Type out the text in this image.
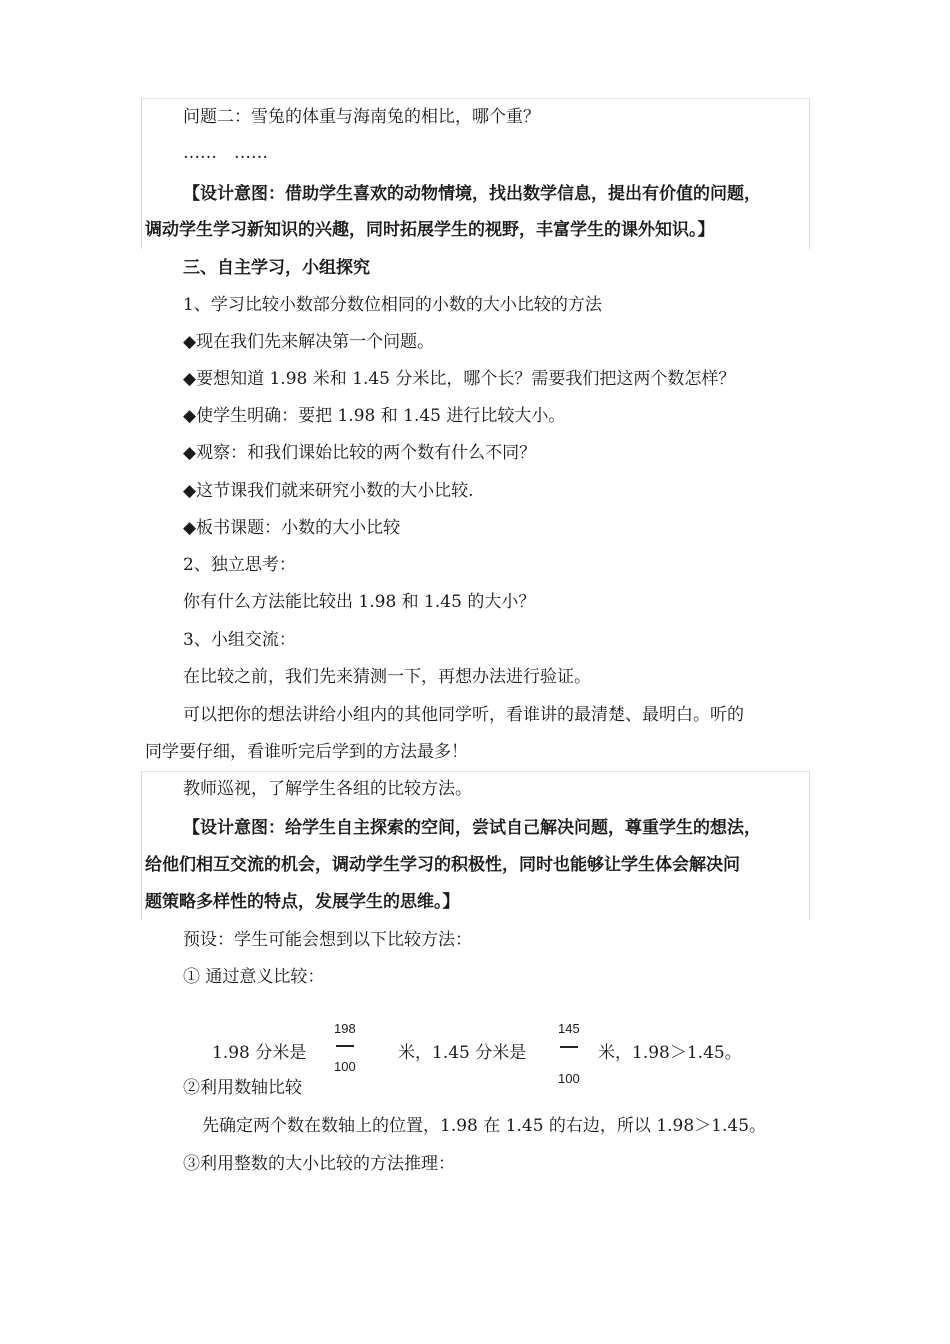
问题二：雪兔的体重与海南兔的相比，哪个重？
……　……
【设计意图：借助学生喜欢的动物情境，找出数学信息，提出有价值的问题，
调动学生学习新知识的兴趣，同时拓展学生的视野，丰富学生的课外知识。】
三、自主学习，小组探究
1、学习比较小数部分数位相同的小数的大小比较的方法
◆现在我们先来解决第一个问题。
◆要想知道 1.98 米和 1.45 分米比，哪个长？需要我们把这两个数怎样？
◆使学生明确：要把 1.98 和 1.45 进行比较大小。
◆观察：和我们课始比较的两个数有什么不同？
◆这节课我们就来研究小数的大小比较.
◆板书课题：小数的大小比较
2、独立思考：
你有什么方法能比较出 1.98 和 1.45 的大小？
3、小组交流：
在比较之前，我们先来猜测一下，再想办法进行验证。
可以把你的想法讲给小组内的其他同学听，看谁讲的最清楚、最明白。听的
同学要仔细，看谁听完后学到的方法最多！
教师巡视，了解学生各组的比较方法。
【设计意图：给学生自主探索的空间，尝试自己解决问题，尊重学生的想法，
给他们相互交流的机会，调动学生学习的积极性，同时也能够让学生体会解决问
题策略多样性的特点，发展学生的思维。】
预设：学生可能会想到以下比较方法：
① 通过意义比较：
1.98 分米是
198
100
米，1.45 分米是
145
100
米，1.98＞1.45。
②利用数轴比较
先确定两个数在数轴上的位置，1.98 在 1.45 的右边，所以 1.98＞1.45。
③利用整数的大小比较的方法推理：
